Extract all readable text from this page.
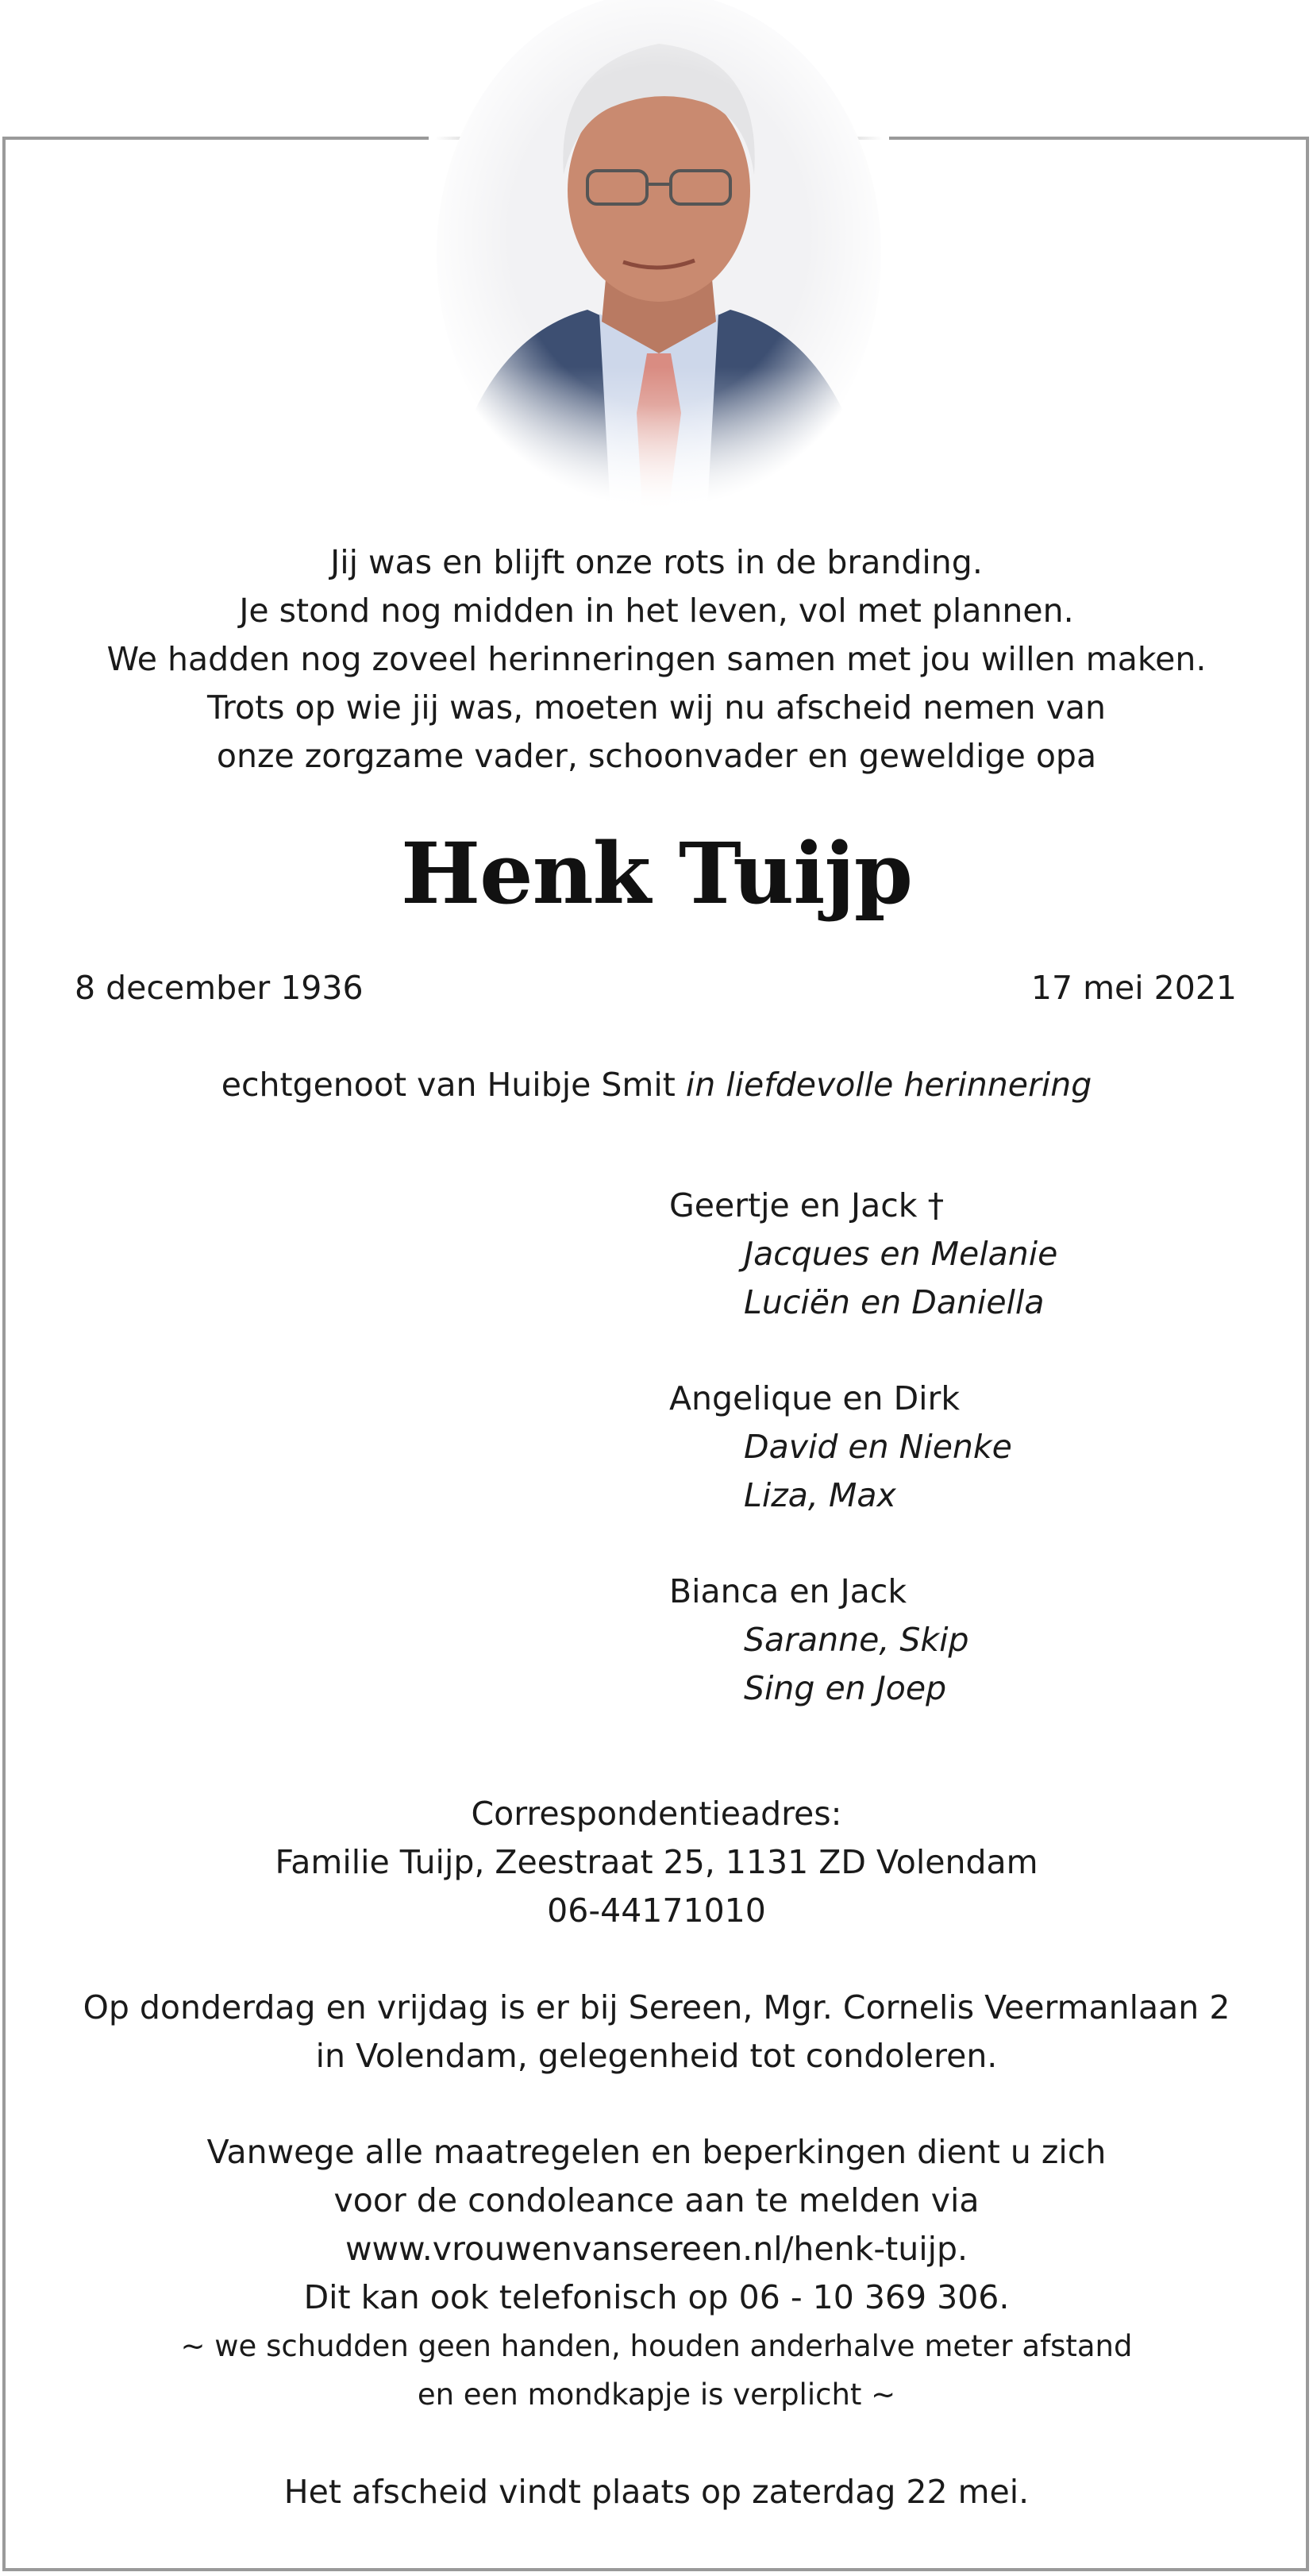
Jij was en blijft onze rots in de branding.
Je stond nog midden in het leven, vol met plannen.
We hadden nog zoveel herinneringen samen met jou willen maken.
Trots op wie jij was, moeten wij nu afscheid nemen van
onze zorgzame vader, schoonvader en geweldige opa
Henk Tuijp
8 december 1936	17 mei 2021
echtgenoot van Huibje Smit in liefdevolle herinnering
Geertje en Jack †
Jacques en Melanie
Luciën en Daniella
Angelique en Dirk
David en Nienke
Liza, Max
Bianca en Jack
Saranne, Skip
Sing en Joep
Correspondentieadres:
Familie Tuijp, Zeestraat 25, 1131 ZD Volendam
06-44171010
Op donderdag en vrijdag is er bij Sereen, Mgr. Cornelis Veermanlaan 2
in Volendam, gelegenheid tot condoleren.
Vanwege alle maatregelen en beperkingen dient u zich
voor de condoleance aan te melden via
www.vrouwenvansereen.nl/henk-tuijp.
Dit kan ook telefonisch op 06 - 10 369 306.
~ we schudden geen handen, houden anderhalve meter afstand
en een mondkapje is verplicht ~
Het afscheid vindt plaats op zaterdag 22 mei.
